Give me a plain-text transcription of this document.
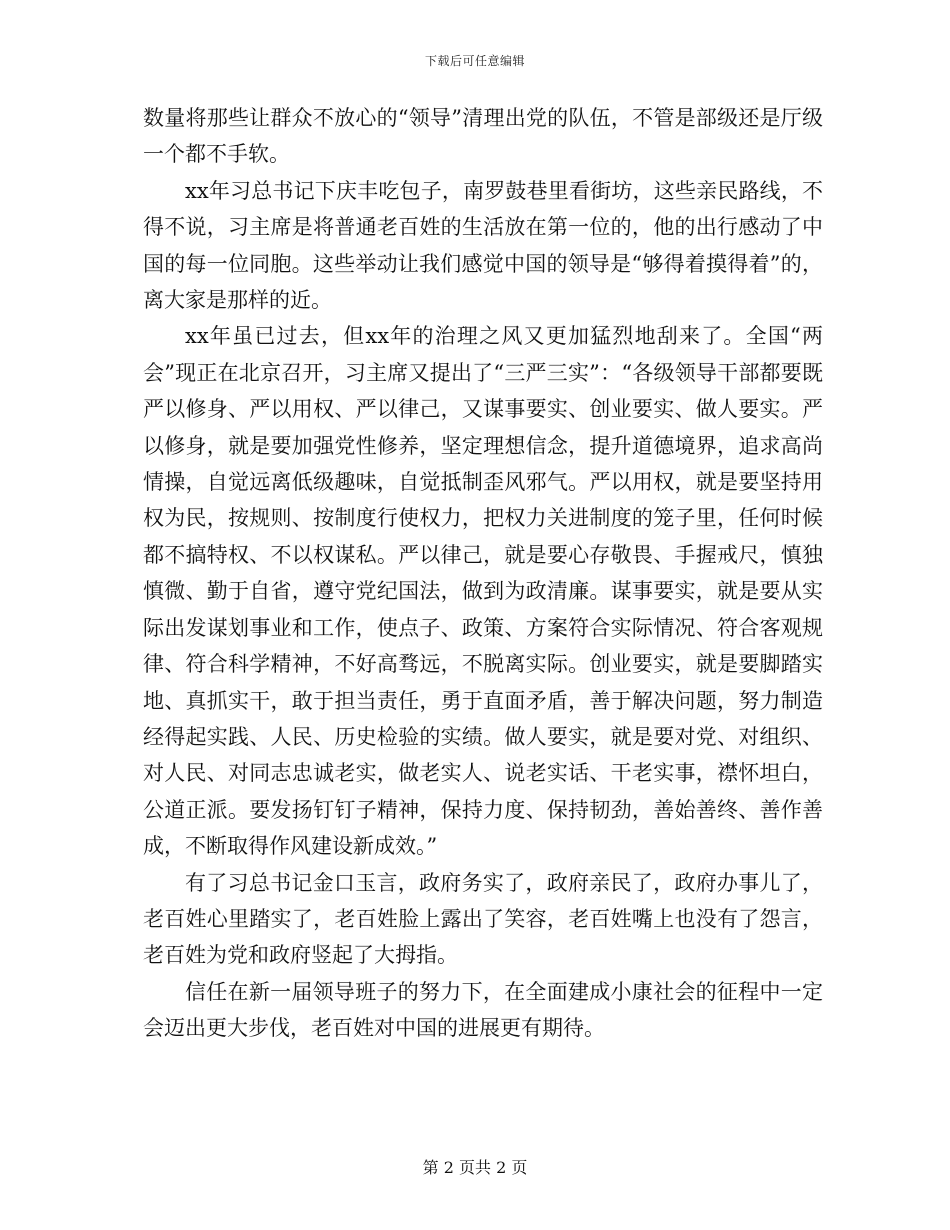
下载后可任意编辑

数量将那些让群众不放心的“领导”清理出党的队伍，不管是部级还是厅级一个都不手软。

xx年习总书记下庆丰吃包子，南罗鼓巷里看街坊，这些亲民路线，不得不说，习主席是将普通老百姓的生活放在第一位的，他的出行感动了中国的每一位同胞。这些举动让我们感觉中国的领导是“够得着摸得着”的，离大家是那样的近。

xx年虽已过去，但xx年的治理之风又更加猛烈地刮来了。全国“两会”现正在北京召开，习主席又提出了“三严三实”：“各级领导干部都要既严以修身、严以用权、严以律己，又谋事要实、创业要实、做人要实。严以修身，就是要加强党性修养，坚定理想信念，提升道德境界，追求高尚情操，自觉远离低级趣味，自觉抵制歪风邪气。严以用权，就是要坚持用权为民，按规则、按制度行使权力，把权力关进制度的笼子里，任何时候都不搞特权、不以权谋私。严以律己，就是要心存敬畏、手握戒尺，慎独慎微、勤于自省，遵守党纪国法，做到为政清廉。谋事要实，就是要从实际出发谋划事业和工作，使点子、政策、方案符合实际情况、符合客观规律、符合科学精神，不好高骛远，不脱离实际。创业要实，就是要脚踏实地、真抓实干，敢于担当责任，勇于直面矛盾，善于解决问题，努力制造经得起实践、人民、历史检验的实绩。做人要实，就是要对党、对组织、对人民、对同志忠诚老实，做老实人、说老实话、干老实事，襟怀坦白，公道正派。要发扬钉钉子精神，保持力度、保持韧劲，善始善终、善作善成，不断取得作风建设新成效。”

有了习总书记金口玉言，政府务实了，政府亲民了，政府办事儿了，老百姓心里踏实了，老百姓脸上露出了笑容，老百姓嘴上也没有了怨言，老百姓为党和政府竖起了大拇指。

信任在新一届领导班子的努力下，在全面建成小康社会的征程中一定会迈出更大步伐，老百姓对中国的进展更有期待。

第 2 页共 2 页
